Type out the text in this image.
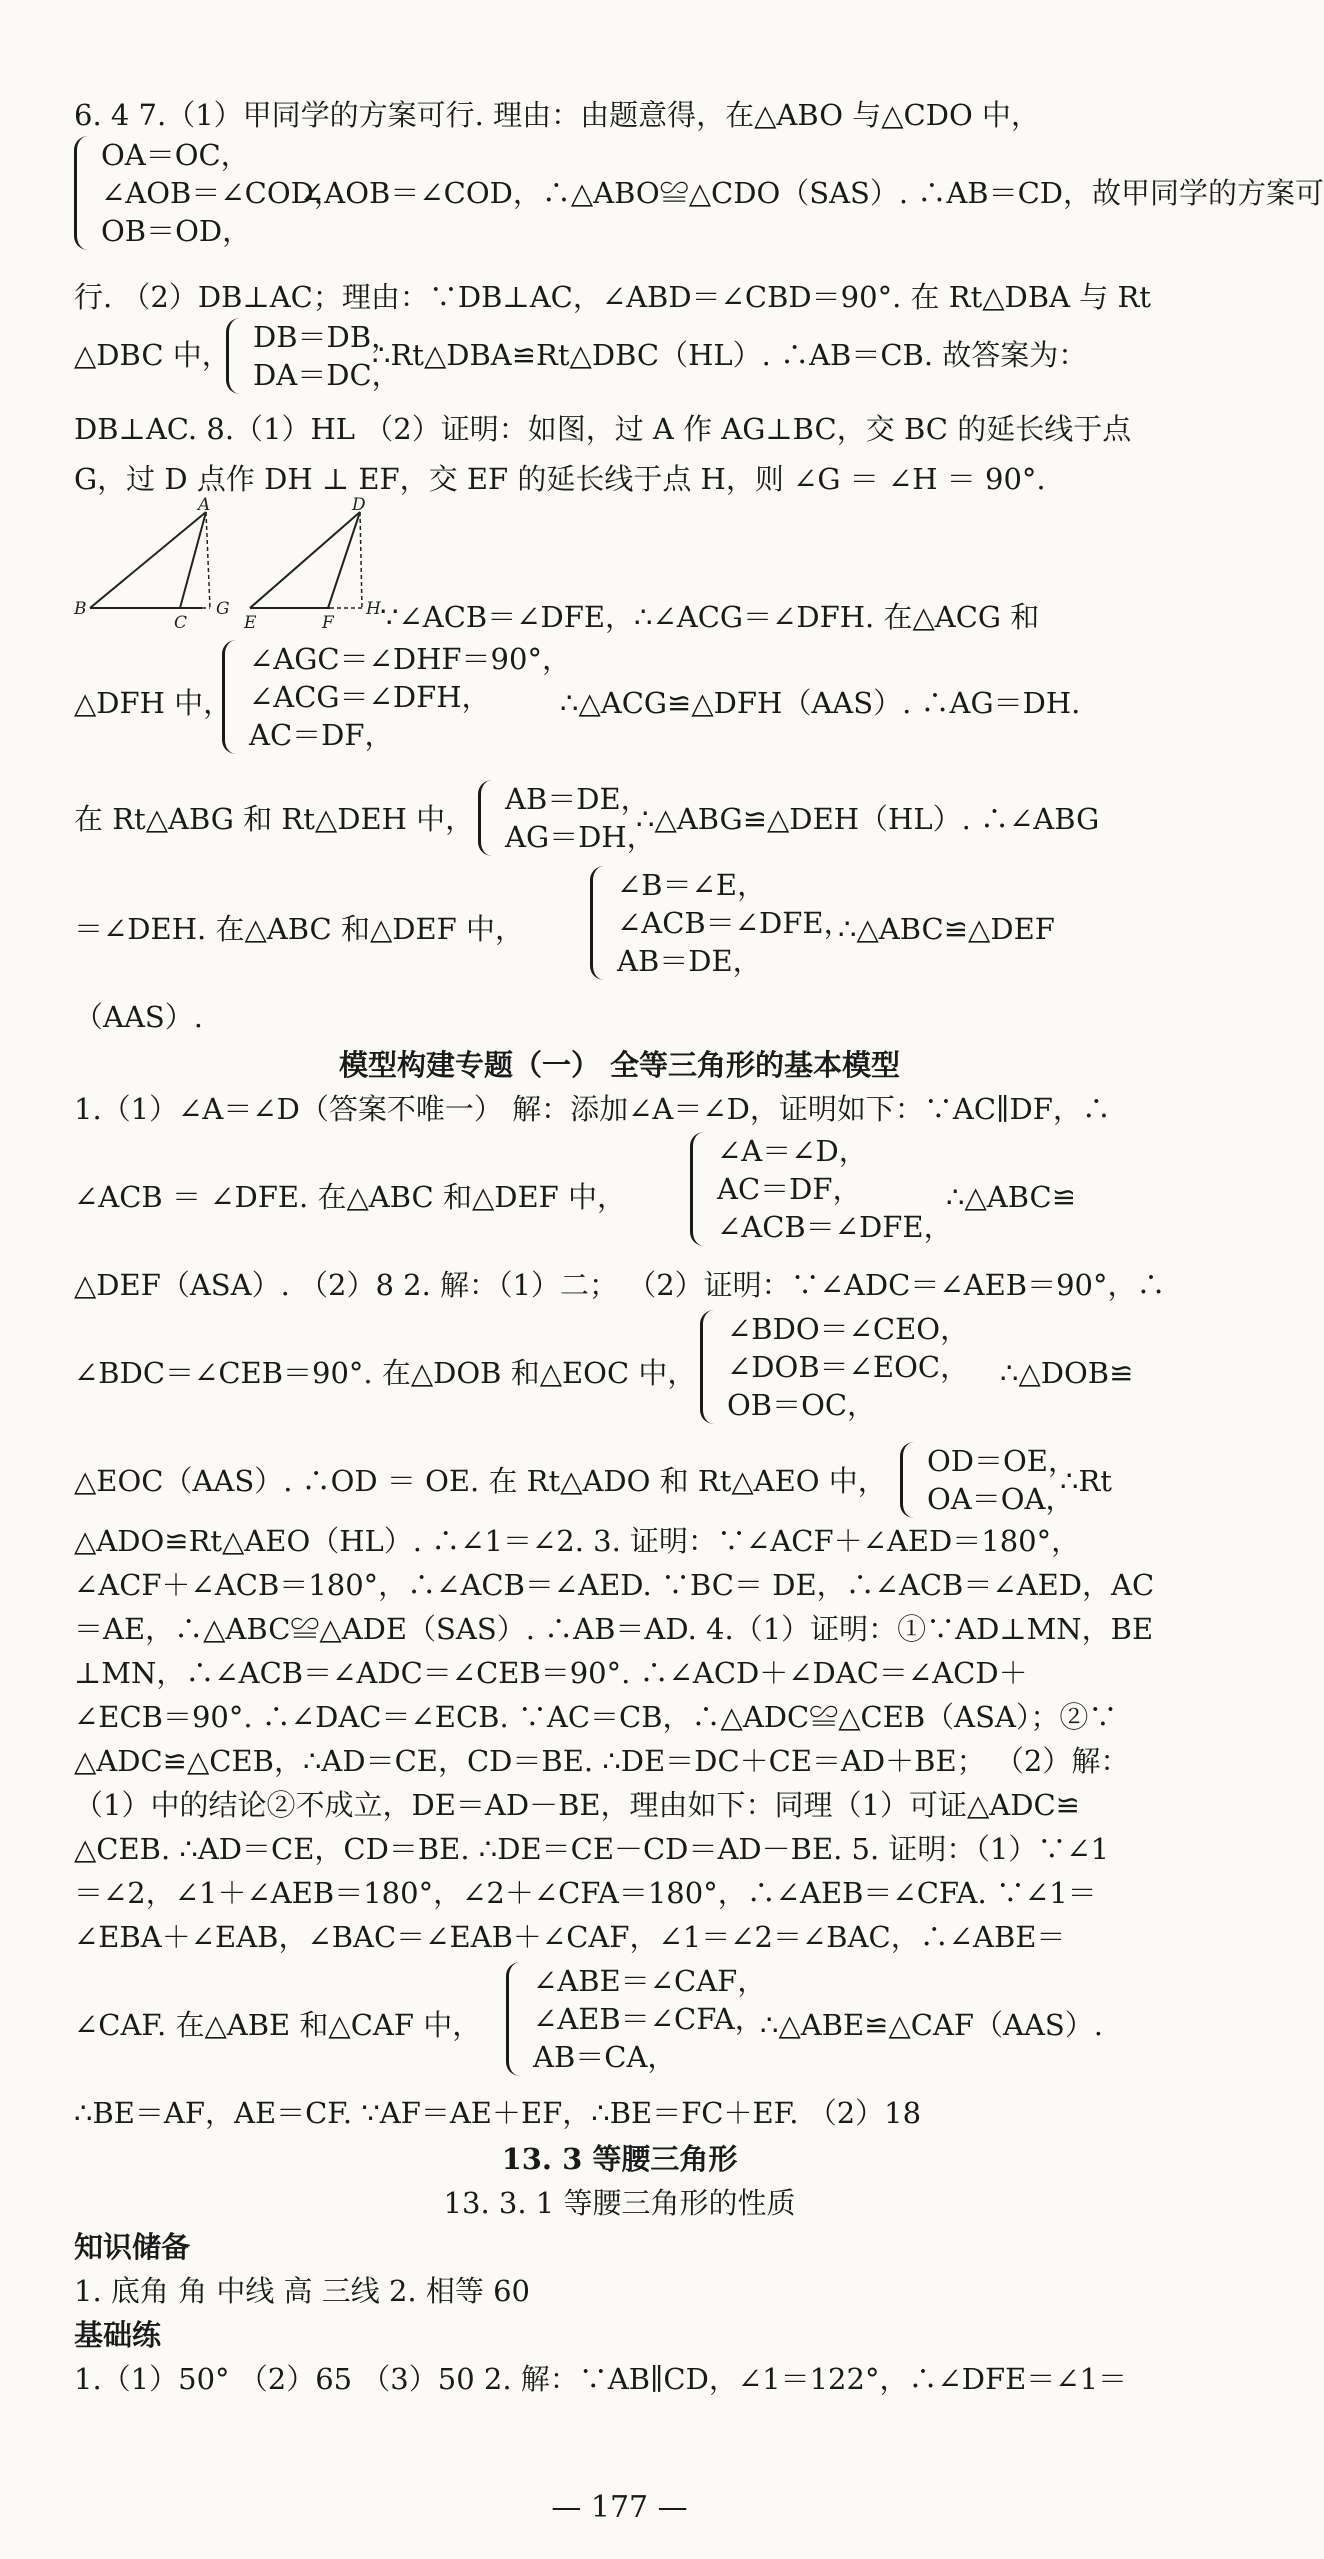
6. 4 7.（1）甲同学的方案可行. 理由：由题意得，在△ABO 与△CDO 中，
OA＝OC，
∠AOB＝∠COD，
OB＝OD，
∠AOB＝∠COD，∴△ABO≌△CDO（SAS）. ∴AB＝CD，故甲同学的方案可
行. （2）DB⊥AC；理由：∵DB⊥AC，∠ABD＝∠CBD＝90°. 在 Rt△DBA 与 Rt
△DBC 中，
DB＝DB，
DA＝DC，
∴Rt△DBA≌Rt△DBC（HL）. ∴AB＝CB. 故答案为：
DB⊥AC. 8.（1）HL （2）证明：如图，过 A 作 AG⊥BC，交 BC 的延长线于点
G，过 D 点作 DH ⊥ EF，交 EF 的延长线于点 H，则 ∠G ＝ ∠H ＝ 90°.
A
B
C
G
D
E	F
H ∵∠ACB＝∠DFE，∴∠ACG＝∠DFH. 在△ACG 和
△DFH 中，
∠AGC＝∠DHF＝90°，
∠ACG＝∠DFH，
AC＝DF，
∴△ACG≌△DFH（AAS）. ∴AG＝DH.
在 Rt△ABG 和 Rt△DEH 中，
AB＝DE，
AG＝DH，
∴△ABG≌△DEH（HL）. ∴∠ABG
＝∠DEH. 在△ABC 和△DEF 中，
∠B＝∠E，
∠ACB＝∠DFE，
AB＝DE，
∴△ABC≌△DEF
（AAS）.
模型构建专题（一） 全等三角形的基本模型
1.（1）∠A＝∠D（答案不唯一） 解：添加∠A＝∠D，证明如下：∵AC∥DF，∴
∠ACB ＝ ∠DFE. 在△ABC 和△DEF 中，
∠A＝∠D，
AC＝DF，
∠ACB＝∠DFE，
∴△ABC≌
△DEF（ASA）. （2）8 2. 解：（1）二； （2）证明：∵∠ADC＝∠AEB＝90°，∴
∠BDC＝∠CEB＝90°. 在△DOB 和△EOC 中，
∠BDO＝∠CEO，
∠DOB＝∠EOC，
OB＝OC，
∴△DOB≌
△EOC（AAS）. ∴OD ＝ OE. 在 Rt△ADO 和 Rt△AEO 中，
OD＝OE，
OA＝OA，
∴Rt
△ADO≌Rt△AEO（HL）. ∴∠1＝∠2. 3. 证明：∵∠ACF＋∠AED＝180°，
∠ACF＋∠ACB＝180°，∴∠ACB＝∠AED. ∵BC＝ DE，∴∠ACB＝∠AED，AC
＝AE，∴△ABC≌△ADE（SAS）. ∴AB＝AD. 4.（1）证明：①∵AD⊥MN，BE
⊥MN，∴∠ACB＝∠ADC＝∠CEB＝90°. ∴∠ACD＋∠DAC＝∠ACD＋
∠ECB＝90°. ∴∠DAC＝∠ECB. ∵AC＝CB，∴△ADC≌△CEB（ASA）；②∵
△ADC≌△CEB，∴AD＝CE，CD＝BE. ∴DE＝DC＋CE＝AD＋BE； （2）解：
（1）中的结论②不成立，DE＝AD－BE，理由如下：同理（1）可证△ADC≌
△CEB. ∴AD＝CE，CD＝BE. ∴DE＝CE－CD＝AD－BE. 5. 证明：（1）∵∠1
＝∠2，∠1＋∠AEB＝180°，∠2＋∠CFA＝180°，∴∠AEB＝∠CFA. ∵∠1＝
∠EBA＋∠EAB，∠BAC＝∠EAB＋∠CAF，∠1＝∠2＝∠BAC，∴∠ABE＝
∠CAF. 在△ABE 和△CAF 中，
∠ABE＝∠CAF，
∠AEB＝∠CFA，
AB＝CA，
∴△ABE≌△CAF（AAS）.
∴BE＝AF，AE＝CF. ∵AF＝AE＋EF，∴BE＝FC＋EF. （2）18
13. 3 等腰三角形
13. 3. 1 等腰三角形的性质
知识储备
1. 底角 角 中线 高 三线 2. 相等 60
基础练
1.（1）50° （2）65 （3）50 2. 解：∵AB∥CD，∠1＝122°，∴∠DFE＝∠1＝
— 177 —
